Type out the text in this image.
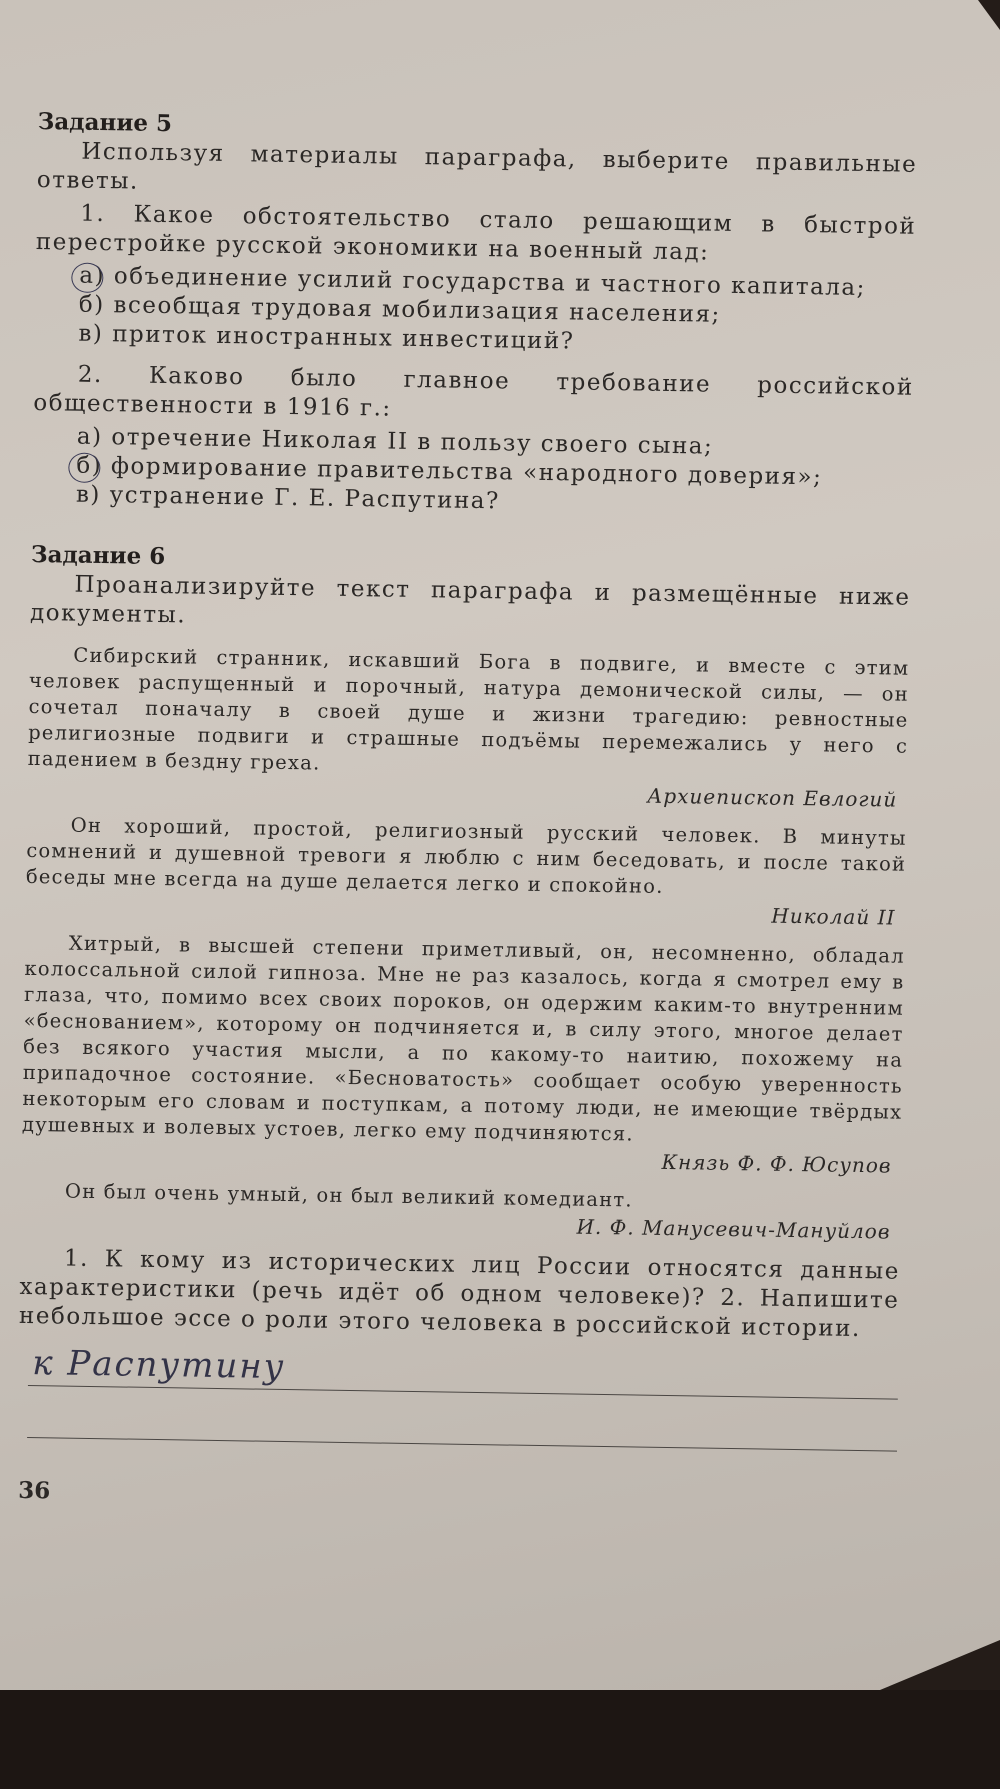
Задание 5

Используя материалы параграфа, выберите правильные ответы.

1. Какое обстоятельство стало решающим в быстрой перестройке русской экономики на военный лад:

а) объединение усилий государства и частного капитала;

б) всеобщая трудовая мобилизация населения;

в) приток иностранных инвестиций?

2. Каково было главное требование российской общественности в 1916 г.:

а) отречение Николая II в пользу своего сына;

б) формирование правительства «народного доверия»;

в) устранение Г. Е. Распутина?

Задание 6

Проанализируйте текст параграфа и размещённые ниже документы.

Сибирский странник, искавший Бога в подвиге, и вместе с этим человек распущенный и порочный, натура демонической силы, — он сочетал поначалу в своей душе и жизни трагедию: ревностные религиозные подвиги и страшные подъёмы перемежались у него с падением в бездну греха.

Архиепископ Евлогий

Он хороший, простой, религиозный русский человек. В минуты сомнений и душевной тревоги я люблю с ним беседовать, и после такой беседы мне всегда на душе делается легко и спокойно.

Николай II

Хитрый, в высшей степени приметливый, он, несомненно, обладал колоссальной силой гипноза. Мне не раз казалось, когда я смотрел ему в глаза, что, помимо всех своих пороков, он одержим каким-то внутренним «беснованием», которому он подчиняется и, в силу этого, многое делает без всякого участия мысли, а по какому-то наитию, похожему на припадочное состояние. «Бесноватость» сообщает особую уверенность некоторым его словам и поступкам, а потому люди, не имеющие твёрдых душевных и волевых устоев, легко ему подчиняются.

Князь Ф. Ф. Юсупов

Он был очень умный, он был великий комедиант.

И. Ф. Манусевич-Мануйлов

1. К кому из исторических лиц России относятся данные характеристики (речь идёт об одном человеке)? 2. Напишите небольшое эссе о роли этого человека в российской истории.

к Распутину
36
